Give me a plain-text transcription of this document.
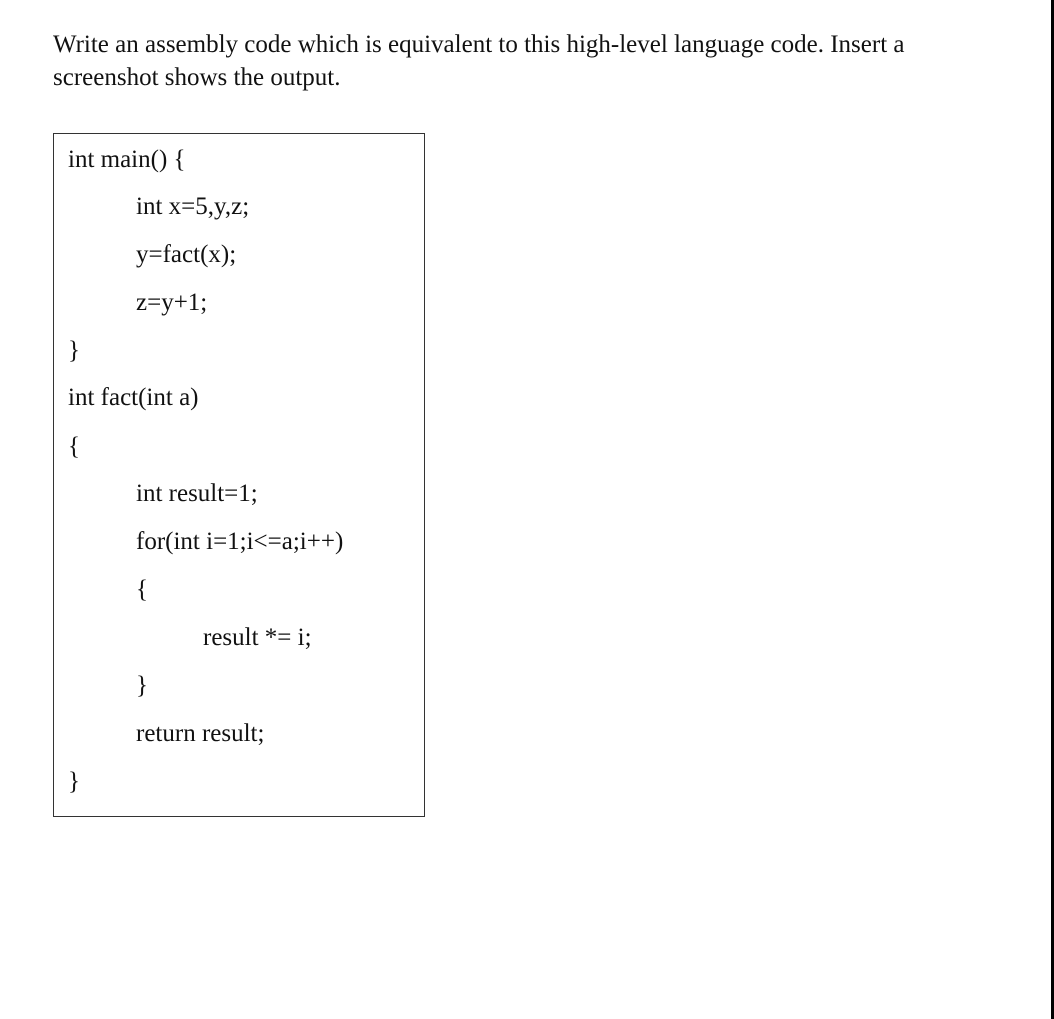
Write an assembly code which is equivalent to this high-level language code. Insert a
screenshot shows the output.
int main() {
int x=5,y,z;
y=fact(x);
z=y+1;
}
int fact(int a)
{
int result=1;
for(int i=1;i<=a;i++)
{
result *= i;
}
return result;
}
